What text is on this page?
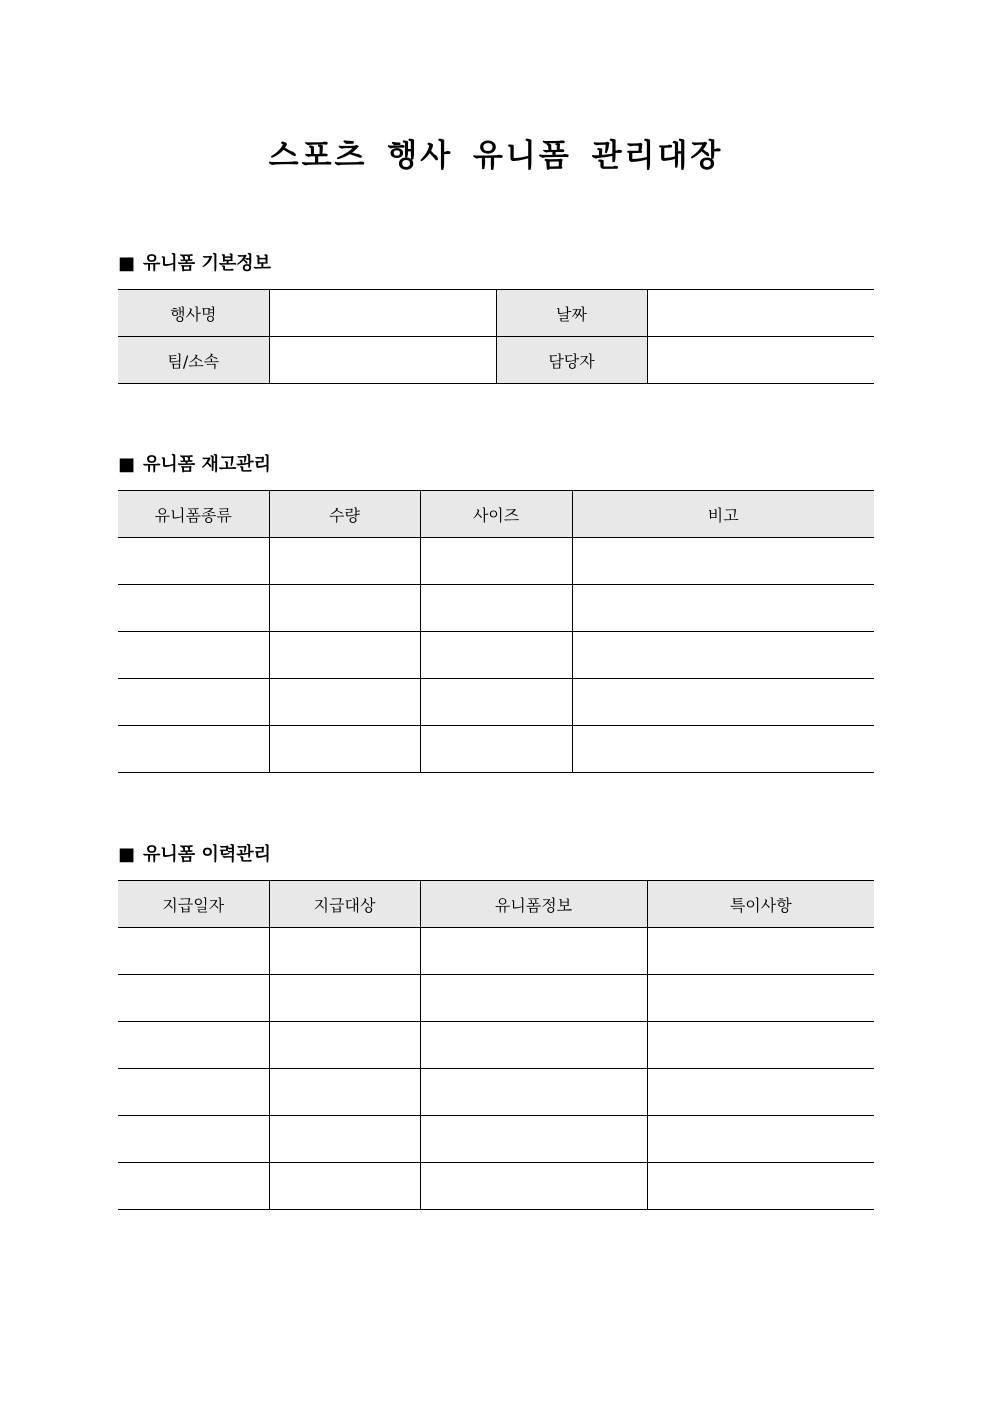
스포츠 행사 유니폼 관리대장
■ 유니폼 기본정보
행사명		날짜	
팀/소속		담당자	
■ 유니폼 재고관리
유니폼종류	수량	사이즈	비고

■ 유니폼 이력관리
지급일자	지급대상	유니폼정보	특이사항
